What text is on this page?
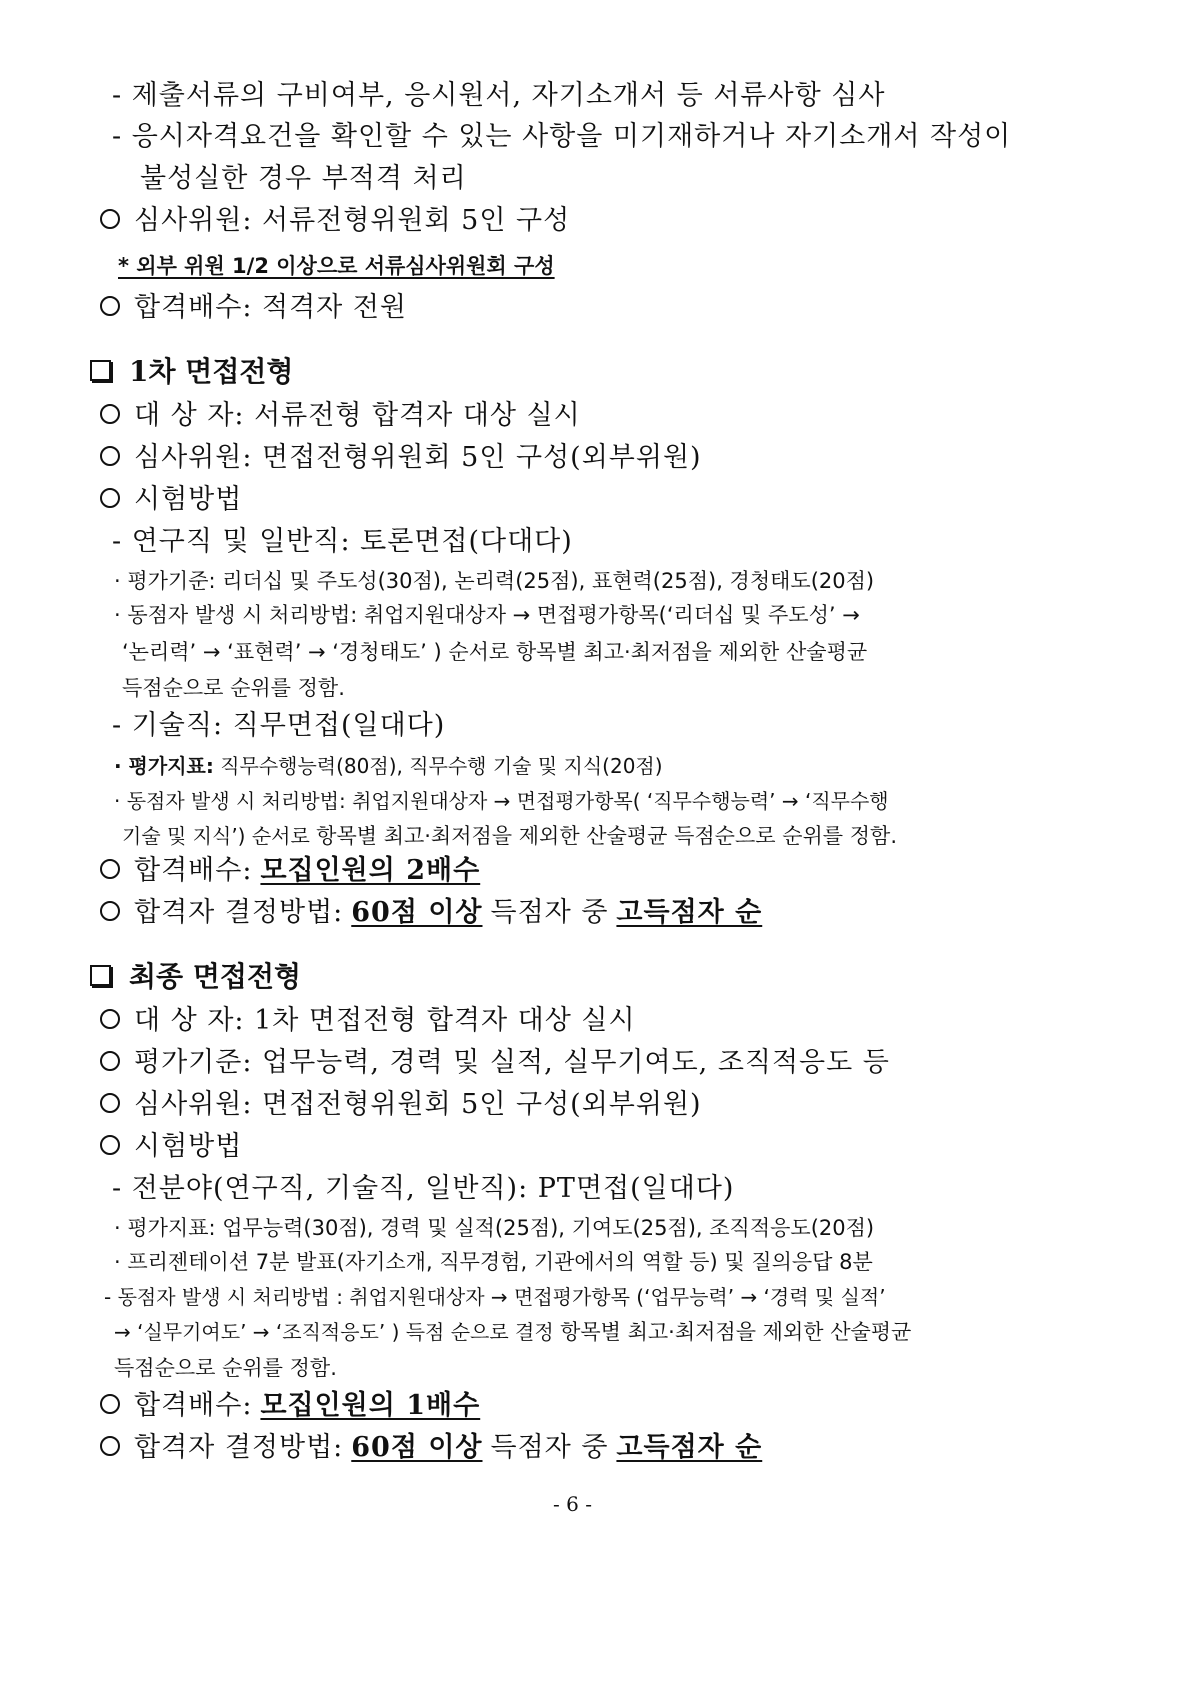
- 제출서류의 구비여부, 응시원서, 자기소개서 등 서류사항 심사
- 응시자격요건을 확인할 수 있는 사항을 미기재하거나 자기소개서 작성이
불성실한 경우 부적격 처리
심사위원: 서류전형위원회 5인 구성
* 외부 위원 1/2 이상으로 서류심사위원회 구성
합격배수: 적격자 전원
1차 면접전형
대 상 자: 서류전형 합격자 대상 실시
심사위원: 면접전형위원회 5인 구성(외부위원)
시험방법
- 연구직 및 일반직: 토론면접(다대다)
· 평가기준: 리더십 및 주도성(30점), 논리력(25점), 표현력(25점), 경청태도(20점)
· 동점자 발생 시 처리방법: 취업지원대상자 → 면접평가항목(‘리더십 및 주도성’ →
‘논리력’ → ‘표현력’ → ‘경청태도’ ) 순서로 항목별 최고·최저점을 제외한 산술평균
득점순으로 순위를 정함.
- 기술직: 직무면접(일대다)
· 평가지표: 직무수행능력(80점), 직무수행 기술 및 지식(20점)
· 동점자 발생 시 처리방법: 취업지원대상자 → 면접평가항목( ‘직무수행능력’ → ‘직무수행
기술 및 지식’) 순서로 항목별 최고·최저점을 제외한 산술평균 득점순으로 순위를 정함.
합격배수: 모집인원의 2배수
합격자 결정방법: 60점 이상 득점자 중 고득점자 순
최종 면접전형
대 상 자: 1차 면접전형 합격자 대상 실시
평가기준: 업무능력, 경력 및 실적, 실무기여도, 조직적응도 등
심사위원: 면접전형위원회 5인 구성(외부위원)
시험방법
- 전분야(연구직, 기술직, 일반직): PT면접(일대다)
· 평가지표: 업무능력(30점), 경력 및 실적(25점), 기여도(25점), 조직적응도(20점)
· 프리젠테이션 7분 발표(자기소개, 직무경험, 기관에서의 역할 등) 및 질의응답 8분
- 동점자 발생 시 처리방법 : 취업지원대상자 → 면접평가항목 (‘업무능력’ → ‘경력 및 실적’
→ ‘실무기여도’ → ‘조직적응도’ ) 득점 순으로 결정 항목별 최고·최저점을 제외한 산술평균
득점순으로 순위를 정함.
합격배수: 모집인원의 1배수
합격자 결정방법: 60점 이상 득점자 중 고득점자 순
- 6 -
